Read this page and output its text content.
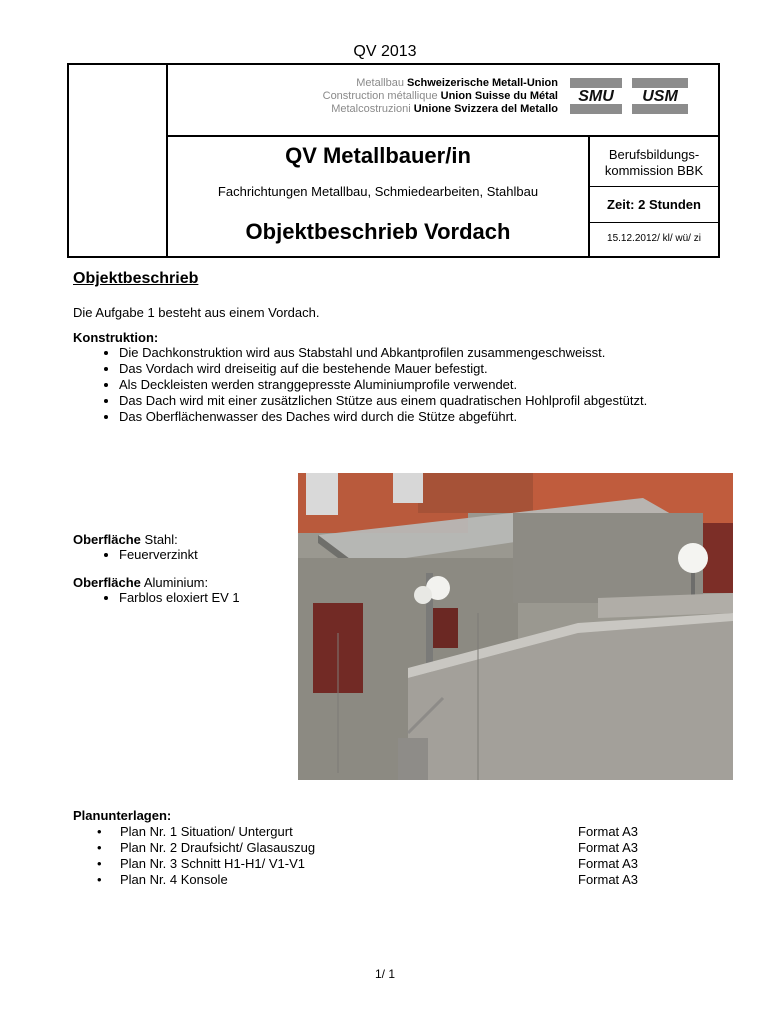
QV 2013
Metallbau Schweizerische Metall-Union
Construction métallique Union Suisse du Métal
Metalcostruzioni Unione Svizzera del Metallo
SMU USM
QV Metallbauer/in
Fachrichtungen Metallbau, Schmiedearbeiten, Stahlbau
Objektbeschrieb Vordach
Berufsbildungs-
kommission BBK
Zeit: 2 Stunden
15.12.2012/ kl/ wü/ zi
Objektbeschrieb

Die Aufgabe 1 besteht aus einem Vordach.

Konstruktion:

• Die Dachkonstruktion wird aus Stabstahl und Abkantprofilen zusammengeschweisst.
• Das Vordach wird dreiseitig auf die bestehende Mauer befestigt.
• Als Deckleisten werden stranggepresste Aluminiumprofile verwendet.
• Das Dach wird mit einer zusätzlichen Stütze aus einem quadratischen Hohlprofil abgestützt.
• Das Oberflächenwasser des Daches wird durch die Stütze abgeführt.
Oberfläche Stahl:
• Feuerverzinkt
Oberfläche Aluminium:
• Farblos eloxiert EV 1
Planunterlagen:
• Plan Nr. 1 Situation/ Untergurt	Format A3
• Plan Nr. 2 Draufsicht/ Glasauszug	Format A3
• Plan Nr. 3 Schnitt H1-H1/ V1-V1	Format A3
• Plan Nr. 4 Konsole	Format A3
1/ 1
